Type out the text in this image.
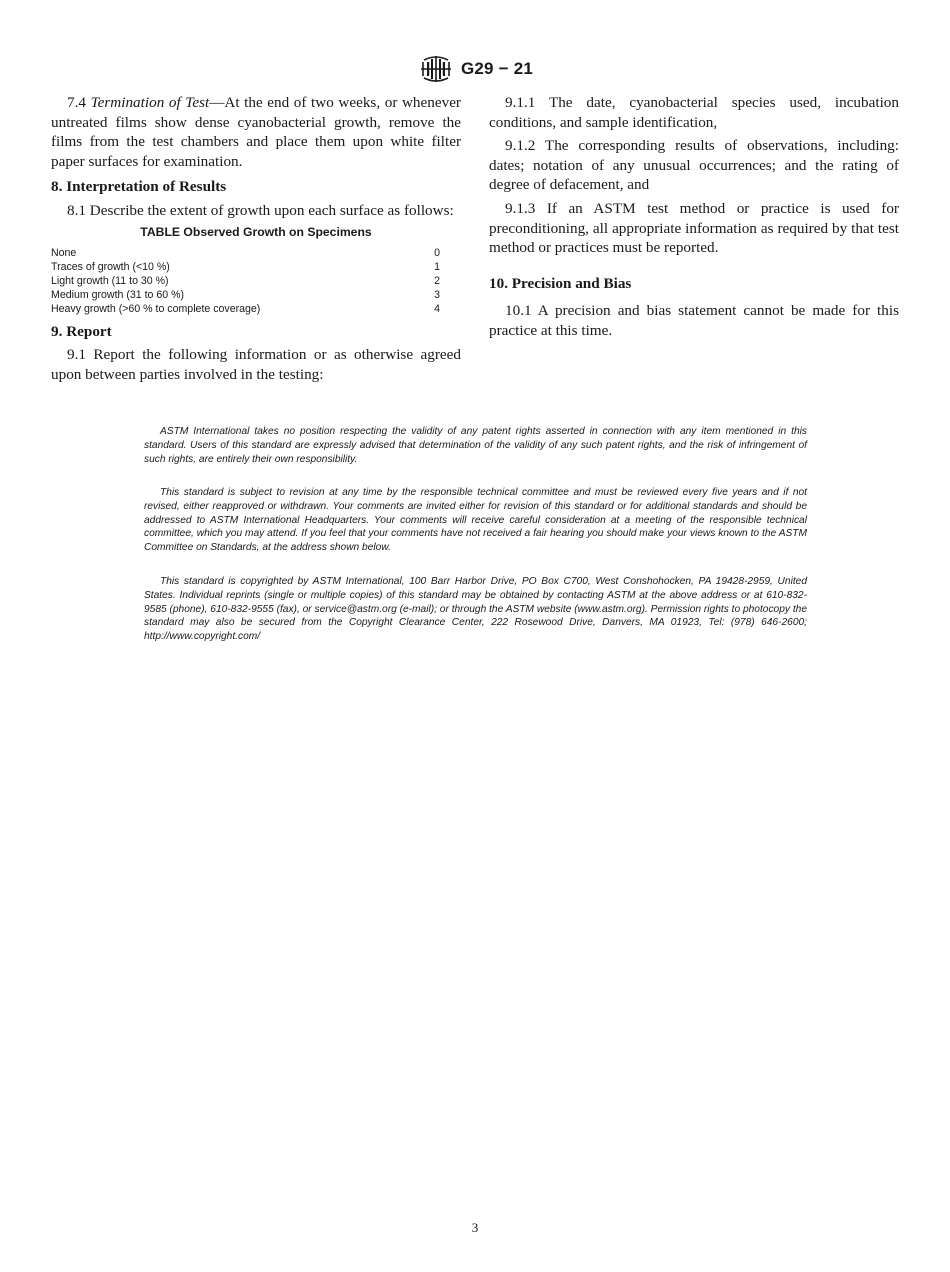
G29 − 21

7.4 Termination of Test—At the end of two weeks, or whenever untreated films show dense cyanobacterial growth, remove the films from the test chambers and place them upon white filter paper surfaces for examination.

8. Interpretation of Results

8.1 Describe the extent of growth upon each surface as follows:

TABLE Observed Growth on Specimens
None	0
Traces of growth (<10 %)	1
Light growth (11 to 30 %)	2
Medium growth (31 to 60 %)	3
Heavy growth (>60 % to complete coverage)	4
9. Report

9.1 Report the following information or as otherwise agreed upon between parties involved in the testing:

9.1.1 The date, cyanobacterial species used, incubation conditions, and sample identification,

9.1.2 The corresponding results of observations, including: dates; notation of any unusual occurrences; and the rating of degree of defacement, and

9.1.3 If an ASTM test method or practice is used for preconditioning, all appropriate information as required by that test method or practices must be reported.

10. Precision and Bias

10.1 A precision and bias statement cannot be made for this practice at this time.

ASTM International takes no position respecting the validity of any patent rights asserted in connection with any item mentioned in this standard. Users of this standard are expressly advised that determination of the validity of any such patent rights, and the risk of infringement of such rights, are entirely their own responsibility.

This standard is subject to revision at any time by the responsible technical committee and must be reviewed every five years and if not revised, either reapproved or withdrawn. Your comments are invited either for revision of this standard or for additional standards and should be addressed to ASTM International Headquarters. Your comments will receive careful consideration at a meeting of the responsible technical committee, which you may attend. If you feel that your comments have not received a fair hearing you should make your views known to the ASTM Committee on Standards, at the address shown below.

This standard is copyrighted by ASTM International, 100 Barr Harbor Drive, PO Box C700, West Conshohocken, PA 19428-2959, United States. Individual reprints (single or multiple copies) of this standard may be obtained by contacting ASTM at the above address or at 610-832-9585 (phone), 610-832-9555 (fax), or service@astm.org (e-mail); or through the ASTM website (www.astm.org). Permission rights to photocopy the standard may also be secured from the Copyright Clearance Center, 222 Rosewood Drive, Danvers, MA 01923, Tel: (978) 646-2600; http://www.copyright.com/

3
